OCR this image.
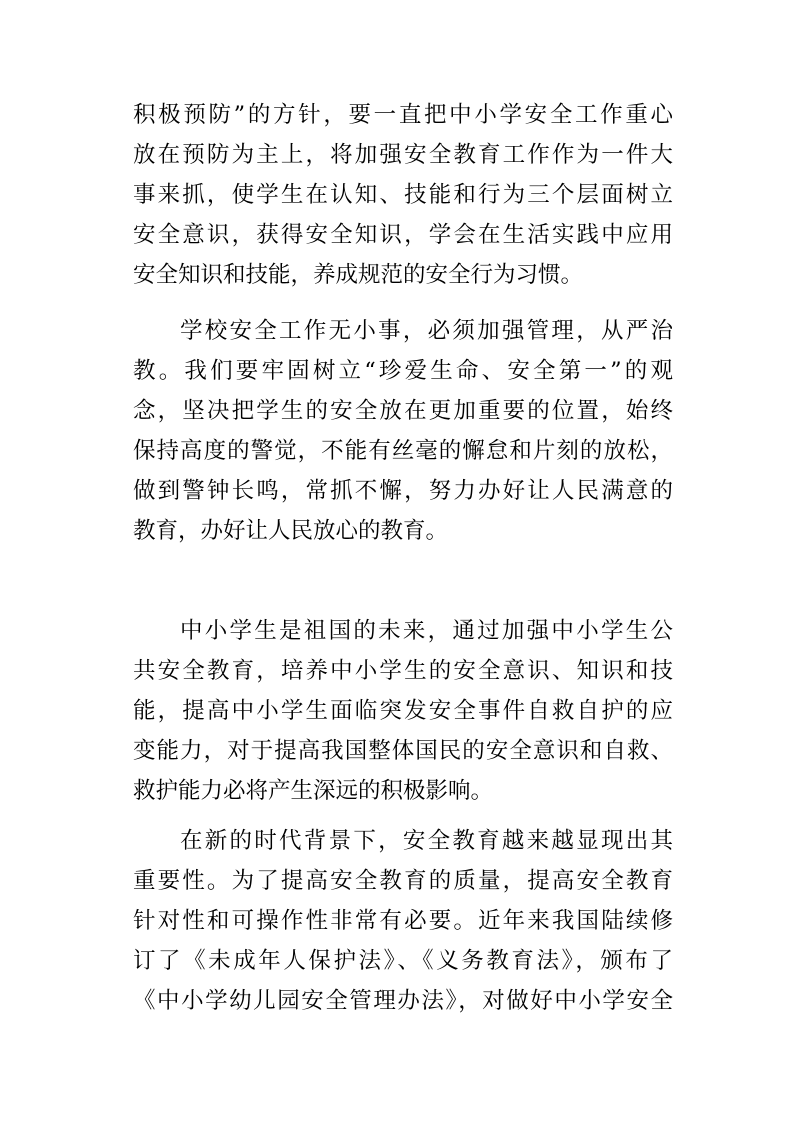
积极预防”的方针，要一直把中小学安全工作重心
放在预防为主上，将加强安全教育工作作为一件大
事来抓，使学生在认知、技能和行为三个层面树立
安全意识，获得安全知识，学会在生活实践中应用
安全知识和技能，养成规范的安全行为习惯。
学校安全工作无小事，必须加强管理，从严治
教。我们要牢固树立“珍爱生命、安全第一”的观
念，坚决把学生的安全放在更加重要的位置，始终
保持高度的警觉，不能有丝毫的懈怠和片刻的放松，
做到警钟长鸣，常抓不懈，努力办好让人民满意的
教育，办好让人民放心的教育。
中小学生是祖国的未来，通过加强中小学生公
共安全教育，培养中小学生的安全意识、知识和技
能，提高中小学生面临突发安全事件自救自护的应
变能力，对于提高我国整体国民的安全意识和自救、
救护能力必将产生深远的积极影响。
在新的时代背景下，安全教育越来越显现出其
重要性。为了提高安全教育的质量，提高安全教育
针对性和可操作性非常有必要。近年来我国陆续修
订了《未成年人保护法》、《义务教育法》，颁布了
《中小学幼儿园安全管理办法》，对做好中小学安全
